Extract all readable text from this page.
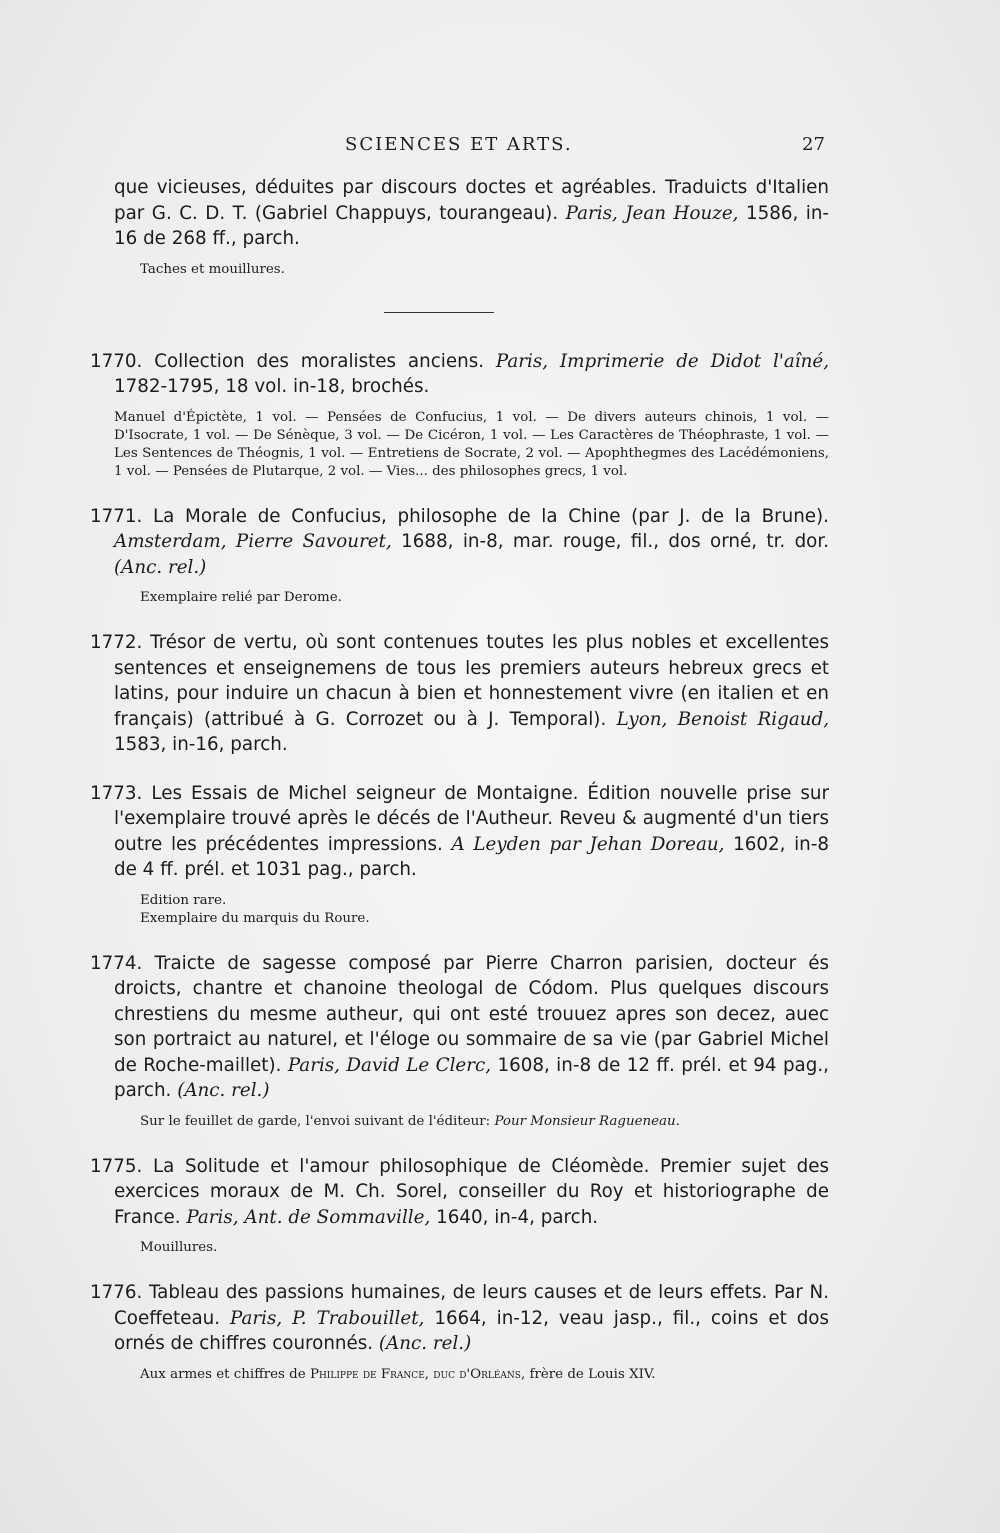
SCIENCES ET ARTS.	27

que vicieuses, déduites par discours doctes et agréables. Traduicts d'Italien par G. C. D. T. (Gabriel Chappuys, tourangeau). Paris, Jean Houze, 1586, in-16 de 268 ff., parch.

Taches et mouillures.

1770. Collection des moralistes anciens. Paris, Imprimerie de Didot l'aîné, 1782-1795, 18 vol. in-18, brochés.

Manuel d'Épictète, 1 vol. — Pensées de Confucius, 1 vol. — De divers auteurs chinois, 1 vol. — D'Isocrate, 1 vol. — De Sénèque, 3 vol. — De Cicéron, 1 vol. — Les Caractères de Théophraste, 1 vol. — Les Sentences de Théognis, 1 vol. — Entretiens de Socrate, 2 vol. — Apophthegmes des Lacédémoniens, 1 vol. — Pensées de Plutarque, 2 vol. — Vies... des philosophes grecs, 1 vol.

1771. La Morale de Confucius, philosophe de la Chine (par J. de la Brune). Amsterdam, Pierre Savouret, 1688, in-8, mar. rouge, fil., dos orné, tr. dor. (Anc. rel.)

Exemplaire relié par Derome.

1772. Trésor de vertu, où sont contenues toutes les plus nobles et excellentes sentences et enseignemens de tous les premiers auteurs hebreux grecs et latins, pour induire un chacun à bien et honnestement vivre (en italien et en français) (attribué à G. Corrozet ou à J. Temporal). Lyon, Benoist Rigaud, 1583, in-16, parch.

1773. Les Essais de Michel seigneur de Montaigne. Édition nouvelle prise sur l'exemplaire trouvé après le décés de l'Autheur. Reveu & augmenté d'un tiers outre les précédentes impressions. A Leyden par Jehan Doreau, 1602, in-8 de 4 ff. prél. et 1031 pag., parch.

Edition rare.
Exemplaire du marquis du Roure.

1774. Traicte de sagesse composé par Pierre Charron parisien, docteur és droicts, chantre et chanoine theologal de Códom. Plus quelques discours chrestiens du mesme autheur, qui ont esté trouuez apres son decez, auec son portraict au naturel, et l'éloge ou sommaire de sa vie (par Gabriel Michel de Roche-maillet). Paris, David Le Clerc, 1608, in-8 de 12 ff. prél. et 94 pag., parch. (Anc. rel.)

Sur le feuillet de garde, l'envoi suivant de l'éditeur: Pour Monsieur Ragueneau.

1775. La Solitude et l'amour philosophique de Cléomède. Premier sujet des exercices moraux de M. Ch. Sorel, conseiller du Roy et historiographe de France. Paris, Ant. de Sommaville, 1640, in-4, parch.

Mouillures.

1776. Tableau des passions humaines, de leurs causes et de leurs effets. Par N. Coeffeteau. Paris, P. Trabouillet, 1664, in-12, veau jasp., fil., coins et dos ornés de chiffres couronnés. (Anc. rel.)

Aux armes et chiffres de Philippe de France, duc d'Orléans, frère de Louis XIV.
